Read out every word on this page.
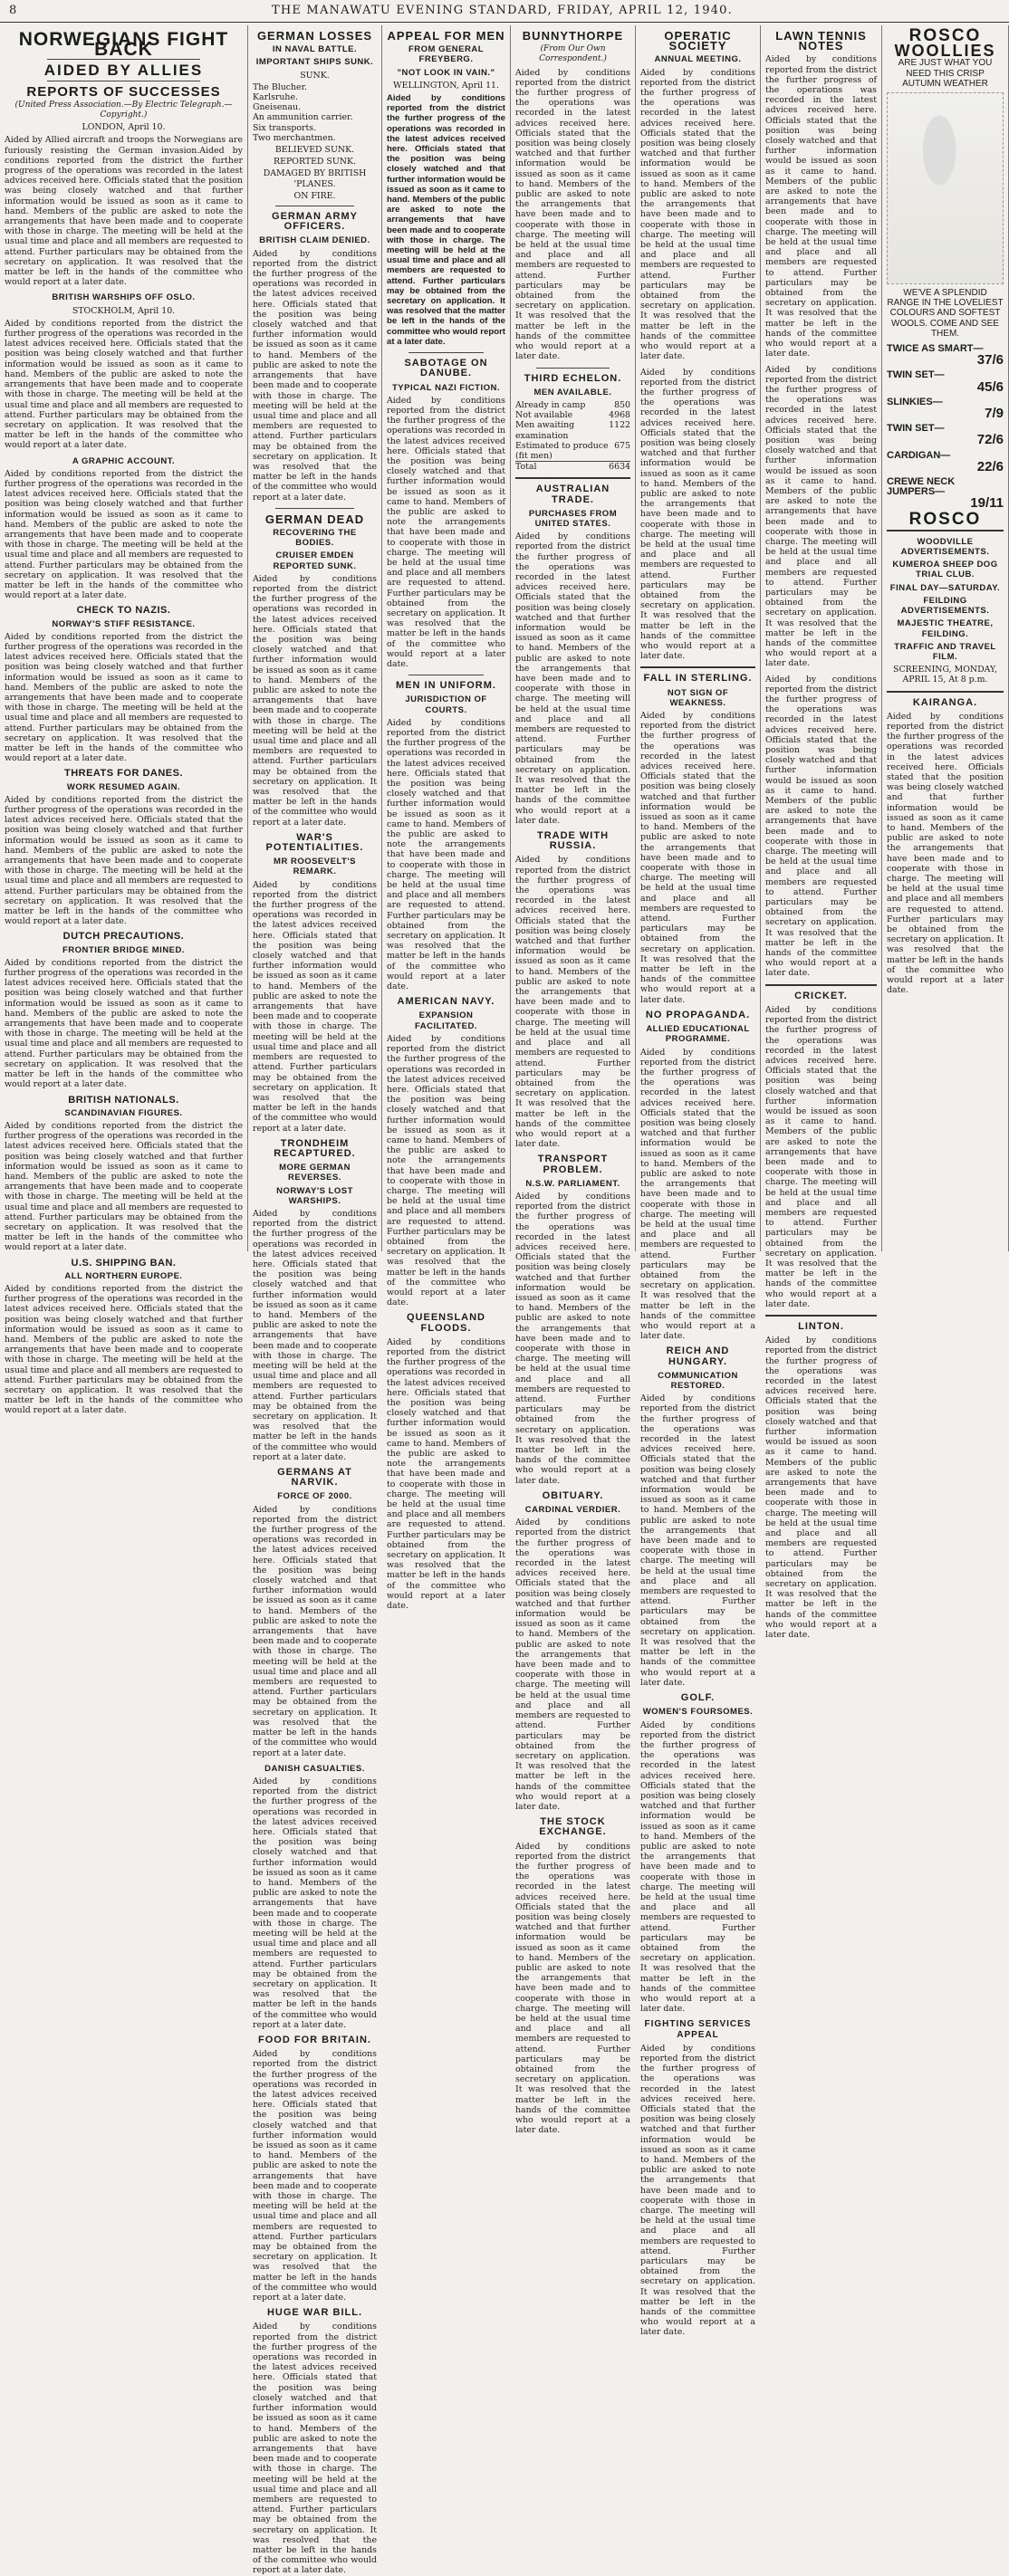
8	THE MANAWATU EVENING STANDARD, FRIDAY, APRIL 12, 1940.
NORWEGIANS FIGHT BACK
AIDED BY ALLIES
REPORTS OF SUCCESSES
(United Press Association.—By Electric Telegraph.—Copyright.)
LONDON, April 10.

Aided by Allied aircraft and troops the Norwegians are furiously resisting the German invasion. Aided by conditions reported from the district the further progress of the operations was recorded in the latest advices received here. Officials stated that the position was being closely watched and that further information would be issued as soon as it came to hand. Members of the public are asked to note the arrangements that have been made and to cooperate with those in charge. The meeting will be held at the usual time and place and all members are requested to attend. Further particulars may be obtained from the secretary on application. It was resolved that the matter be left in the hands of the committee who would report at a later date.

BRITISH WARSHIPS OFF OSLO.
STOCKHOLM, April 10.

Aided by conditions reported from the district the further progress of the operations was recorded in the latest advices received here. Officials stated that the position was being closely watched and that further information would be issued as soon as it came to hand. Members of the public are asked to note the arrangements that have been made and to cooperate with those in charge. The meeting will be held at the usual time and place and all members are requested to attend. Further particulars may be obtained from the secretary on application. It was resolved that the matter be left in the hands of the committee who would report at a later date.

A GRAPHIC ACCOUNT.

Aided by conditions reported from the district the further progress of the operations was recorded in the latest advices received here. Officials stated that the position was being closely watched and that further information would be issued as soon as it came to hand. Members of the public are asked to note the arrangements that have been made and to cooperate with those in charge. The meeting will be held at the usual time and place and all members are requested to attend. Further particulars may be obtained from the secretary on application. It was resolved that the matter be left in the hands of the committee who would report at a later date.

CHECK TO NAZIS.
NORWAY'S STIFF RESISTANCE.

Aided by conditions reported from the district the further progress of the operations was recorded in the latest advices received here. Officials stated that the position was being closely watched and that further information would be issued as soon as it came to hand. Members of the public are asked to note the arrangements that have been made and to cooperate with those in charge. The meeting will be held at the usual time and place and all members are requested to attend. Further particulars may be obtained from the secretary on application. It was resolved that the matter be left in the hands of the committee who would report at a later date.

THREATS FOR DANES.
WORK RESUMED AGAIN.

Aided by conditions reported from the district the further progress of the operations was recorded in the latest advices received here. Officials stated that the position was being closely watched and that further information would be issued as soon as it came to hand. Members of the public are asked to note the arrangements that have been made and to cooperate with those in charge. The meeting will be held at the usual time and place and all members are requested to attend. Further particulars may be obtained from the secretary on application. It was resolved that the matter be left in the hands of the committee who would report at a later date.

DUTCH PRECAUTIONS.
FRONTIER BRIDGE MINED.

Aided by conditions reported from the district the further progress of the operations was recorded in the latest advices received here. Officials stated that the position was being closely watched and that further information would be issued as soon as it came to hand. Members of the public are asked to note the arrangements that have been made and to cooperate with those in charge. The meeting will be held at the usual time and place and all members are requested to attend. Further particulars may be obtained from the secretary on application. It was resolved that the matter be left in the hands of the committee who would report at a later date.

BRITISH NATIONALS.
SCANDINAVIAN FIGURES.

Aided by conditions reported from the district the further progress of the operations was recorded in the latest advices received here. Officials stated that the position was being closely watched and that further information would be issued as soon as it came to hand. Members of the public are asked to note the arrangements that have been made and to cooperate with those in charge. The meeting will be held at the usual time and place and all members are requested to attend. Further particulars may be obtained from the secretary on application. It was resolved that the matter be left in the hands of the committee who would report at a later date.

U.S. SHIPPING BAN.
ALL NORTHERN EUROPE.

Aided by conditions reported from the district the further progress of the operations was recorded in the latest advices received here. Officials stated that the position was being closely watched and that further information would be issued as soon as it came to hand. Members of the public are asked to note the arrangements that have been made and to cooperate with those in charge. The meeting will be held at the usual time and place and all members are requested to attend. Further particulars may be obtained from the secretary on application. It was resolved that the matter be left in the hands of the committee who would report at a later date.

GERMAN LOSSES
IN NAVAL BATTLE.
IMPORTANT SHIPS SUNK.
SUNK.
The Blucher.
Karlsruhe.
Gneisenau.
An ammunition carrier.
Six transports.
Two merchantmen.
BELIEVED SUNK.
REPORTED SUNK.
DAMAGED BY BRITISH 'PLANES.
ON FIRE.
GERMAN ARMY OFFICERS.
BRITISH CLAIM DENIED.

Aided by conditions reported from the district the further progress of the operations was recorded in the latest advices received here. Officials stated that the position was being closely watched and that further information would be issued as soon as it came to hand. Members of the public are asked to note the arrangements that have been made and to cooperate with those in charge. The meeting will be held at the usual time and place and all members are requested to attend. Further particulars may be obtained from the secretary on application. It was resolved that the matter be left in the hands of the committee who would report at a later date.

GERMAN DEAD
RECOVERING THE BODIES.
CRUISER EMDEN REPORTED SUNK.

Aided by conditions reported from the district the further progress of the operations was recorded in the latest advices received here. Officials stated that the position was being closely watched and that further information would be issued as soon as it came to hand. Members of the public are asked to note the arrangements that have been made and to cooperate with those in charge. The meeting will be held at the usual time and place and all members are requested to attend. Further particulars may be obtained from the secretary on application. It was resolved that the matter be left in the hands of the committee who would report at a later date.

WAR'S POTENTIALITIES.
MR ROOSEVELT'S REMARK.

Aided by conditions reported from the district the further progress of the operations was recorded in the latest advices received here. Officials stated that the position was being closely watched and that further information would be issued as soon as it came to hand. Members of the public are asked to note the arrangements that have been made and to cooperate with those in charge. The meeting will be held at the usual time and place and all members are requested to attend. Further particulars may be obtained from the secretary on application. It was resolved that the matter be left in the hands of the committee who would report at a later date.

TRONDHEIM RECAPTURED.
MORE GERMAN REVERSES.
NORWAY'S LOST WARSHIPS.

Aided by conditions reported from the district the further progress of the operations was recorded in the latest advices received here. Officials stated that the position was being closely watched and that further information would be issued as soon as it came to hand. Members of the public are asked to note the arrangements that have been made and to cooperate with those in charge. The meeting will be held at the usual time and place and all members are requested to attend. Further particulars may be obtained from the secretary on application. It was resolved that the matter be left in the hands of the committee who would report at a later date.

GERMANS AT NARVIK.
FORCE OF 2000.

Aided by conditions reported from the district the further progress of the operations was recorded in the latest advices received here. Officials stated that the position was being closely watched and that further information would be issued as soon as it came to hand. Members of the public are asked to note the arrangements that have been made and to cooperate with those in charge. The meeting will be held at the usual time and place and all members are requested to attend. Further particulars may be obtained from the secretary on application. It was resolved that the matter be left in the hands of the committee who would report at a later date.

DANISH CASUALTIES.

Aided by conditions reported from the district the further progress of the operations was recorded in the latest advices received here. Officials stated that the position was being closely watched and that further information would be issued as soon as it came to hand. Members of the public are asked to note the arrangements that have been made and to cooperate with those in charge. The meeting will be held at the usual time and place and all members are requested to attend. Further particulars may be obtained from the secretary on application. It was resolved that the matter be left in the hands of the committee who would report at a later date.

FOOD FOR BRITAIN.

Aided by conditions reported from the district the further progress of the operations was recorded in the latest advices received here. Officials stated that the position was being closely watched and that further information would be issued as soon as it came to hand. Members of the public are asked to note the arrangements that have been made and to cooperate with those in charge. The meeting will be held at the usual time and place and all members are requested to attend. Further particulars may be obtained from the secretary on application. It was resolved that the matter be left in the hands of the committee who would report at a later date.

HUGE WAR BILL.

Aided by conditions reported from the district the further progress of the operations was recorded in the latest advices received here. Officials stated that the position was being closely watched and that further information would be issued as soon as it came to hand. Members of the public are asked to note the arrangements that have been made and to cooperate with those in charge. The meeting will be held at the usual time and place and all members are requested to attend. Further particulars may be obtained from the secretary on application. It was resolved that the matter be left in the hands of the committee who would report at a later date.

APPEAL FOR MEN
FROM GENERAL FREYBERG.
"NOT LOOK IN VAIN."
WELLINGTON, April 11.

Aided by conditions reported from the district the further progress of the operations was recorded in the latest advices received here. Officials stated that the position was being closely watched and that further information would be issued as soon as it came to hand. Members of the public are asked to note the arrangements that have been made and to cooperate with those in charge. The meeting will be held at the usual time and place and all members are requested to attend. Further particulars may be obtained from the secretary on application. It was resolved that the matter be left in the hands of the committee who would report at a later date.

SABOTAGE ON DANUBE.
TYPICAL NAZI FICTION.

Aided by conditions reported from the district the further progress of the operations was recorded in the latest advices received here. Officials stated that the position was being closely watched and that further information would be issued as soon as it came to hand. Members of the public are asked to note the arrangements that have been made and to cooperate with those in charge. The meeting will be held at the usual time and place and all members are requested to attend. Further particulars may be obtained from the secretary on application. It was resolved that the matter be left in the hands of the committee who would report at a later date.

MEN IN UNIFORM.
JURISDICTION OF COURTS.

Aided by conditions reported from the district the further progress of the operations was recorded in the latest advices received here. Officials stated that the position was being closely watched and that further information would be issued as soon as it came to hand. Members of the public are asked to note the arrangements that have been made and to cooperate with those in charge. The meeting will be held at the usual time and place and all members are requested to attend. Further particulars may be obtained from the secretary on application. It was resolved that the matter be left in the hands of the committee who would report at a later date.

AMERICAN NAVY.
EXPANSION FACILITATED.

Aided by conditions reported from the district the further progress of the operations was recorded in the latest advices received here. Officials stated that the position was being closely watched and that further information would be issued as soon as it came to hand. Members of the public are asked to note the arrangements that have been made and to cooperate with those in charge. The meeting will be held at the usual time and place and all members are requested to attend. Further particulars may be obtained from the secretary on application. It was resolved that the matter be left in the hands of the committee who would report at a later date.

QUEENSLAND FLOODS.

Aided by conditions reported from the district the further progress of the operations was recorded in the latest advices received here. Officials stated that the position was being closely watched and that further information would be issued as soon as it came to hand. Members of the public are asked to note the arrangements that have been made and to cooperate with those in charge. The meeting will be held at the usual time and place and all members are requested to attend. Further particulars may be obtained from the secretary on application. It was resolved that the matter be left in the hands of the committee who would report at a later date.

BUNNYTHORPE
(From Our Own Correspondent.)

Aided by conditions reported from the district the further progress of the operations was recorded in the latest advices received here. Officials stated that the position was being closely watched and that further information would be issued as soon as it came to hand. Members of the public are asked to note the arrangements that have been made and to cooperate with those in charge. The meeting will be held at the usual time and place and all members are requested to attend. Further particulars may be obtained from the secretary on application. It was resolved that the matter be left in the hands of the committee who would report at a later date.

THIRD ECHELON.
MEN AVAILABLE.
Already in camp	850
Not available	4968
Men awaiting examination
1122
Estimated to produce (fit men)
675
Total	6634
AUSTRALIAN TRADE.
PURCHASES FROM UNITED STATES.

Aided by conditions reported from the district the further progress of the operations was recorded in the latest advices received here. Officials stated that the position was being closely watched and that further information would be issued as soon as it came to hand. Members of the public are asked to note the arrangements that have been made and to cooperate with those in charge. The meeting will be held at the usual time and place and all members are requested to attend. Further particulars may be obtained from the secretary on application. It was resolved that the matter be left in the hands of the committee who would report at a later date.

TRADE WITH RUSSIA.

Aided by conditions reported from the district the further progress of the operations was recorded in the latest advices received here. Officials stated that the position was being closely watched and that further information would be issued as soon as it came to hand. Members of the public are asked to note the arrangements that have been made and to cooperate with those in charge. The meeting will be held at the usual time and place and all members are requested to attend. Further particulars may be obtained from the secretary on application. It was resolved that the matter be left in the hands of the committee who would report at a later date.

TRANSPORT PROBLEM.
N.S.W. PARLIAMENT.

Aided by conditions reported from the district the further progress of the operations was recorded in the latest advices received here. Officials stated that the position was being closely watched and that further information would be issued as soon as it came to hand. Members of the public are asked to note the arrangements that have been made and to cooperate with those in charge. The meeting will be held at the usual time and place and all members are requested to attend. Further particulars may be obtained from the secretary on application. It was resolved that the matter be left in the hands of the committee who would report at a later date.

OBITUARY.
CARDINAL VERDIER.

Aided by conditions reported from the district the further progress of the operations was recorded in the latest advices received here. Officials stated that the position was being closely watched and that further information would be issued as soon as it came to hand. Members of the public are asked to note the arrangements that have been made and to cooperate with those in charge. The meeting will be held at the usual time and place and all members are requested to attend. Further particulars may be obtained from the secretary on application. It was resolved that the matter be left in the hands of the committee who would report at a later date.

THE STOCK EXCHANGE.

Aided by conditions reported from the district the further progress of the operations was recorded in the latest advices received here. Officials stated that the position was being closely watched and that further information would be issued as soon as it came to hand. Members of the public are asked to note the arrangements that have been made and to cooperate with those in charge. The meeting will be held at the usual time and place and all members are requested to attend. Further particulars may be obtained from the secretary on application. It was resolved that the matter be left in the hands of the committee who would report at a later date.

OPERATIC SOCIETY
ANNUAL MEETING.

Aided by conditions reported from the district the further progress of the operations was recorded in the latest advices received here. Officials stated that the position was being closely watched and that further information would be issued as soon as it came to hand. Members of the public are asked to note the arrangements that have been made and to cooperate with those in charge. The meeting will be held at the usual time and place and all members are requested to attend. Further particulars may be obtained from the secretary on application. It was resolved that the matter be left in the hands of the committee who would report at a later date.

Aided by conditions reported from the district the further progress of the operations was recorded in the latest advices received here. Officials stated that the position was being closely watched and that further information would be issued as soon as it came to hand. Members of the public are asked to note the arrangements that have been made and to cooperate with those in charge. The meeting will be held at the usual time and place and all members are requested to attend. Further particulars may be obtained from the secretary on application. It was resolved that the matter be left in the hands of the committee who would report at a later date.

FALL IN STERLING.
NOT SIGN OF WEAKNESS.

Aided by conditions reported from the district the further progress of the operations was recorded in the latest advices received here. Officials stated that the position was being closely watched and that further information would be issued as soon as it came to hand. Members of the public are asked to note the arrangements that have been made and to cooperate with those in charge. The meeting will be held at the usual time and place and all members are requested to attend. Further particulars may be obtained from the secretary on application. It was resolved that the matter be left in the hands of the committee who would report at a later date.

NO PROPAGANDA.
ALLIED EDUCATIONAL PROGRAMME.

Aided by conditions reported from the district the further progress of the operations was recorded in the latest advices received here. Officials stated that the position was being closely watched and that further information would be issued as soon as it came to hand. Members of the public are asked to note the arrangements that have been made and to cooperate with those in charge. The meeting will be held at the usual time and place and all members are requested to attend. Further particulars may be obtained from the secretary on application. It was resolved that the matter be left in the hands of the committee who would report at a later date.

REICH AND HUNGARY.
COMMUNICATION RESTORED.

Aided by conditions reported from the district the further progress of the operations was recorded in the latest advices received here. Officials stated that the position was being closely watched and that further information would be issued as soon as it came to hand. Members of the public are asked to note the arrangements that have been made and to cooperate with those in charge. The meeting will be held at the usual time and place and all members are requested to attend. Further particulars may be obtained from the secretary on application. It was resolved that the matter be left in the hands of the committee who would report at a later date.

GOLF.
WOMEN'S FOURSOMES.

Aided by conditions reported from the district the further progress of the operations was recorded in the latest advices received here. Officials stated that the position was being closely watched and that further information would be issued as soon as it came to hand. Members of the public are asked to note the arrangements that have been made and to cooperate with those in charge. The meeting will be held at the usual time and place and all members are requested to attend. Further particulars may be obtained from the secretary on application. It was resolved that the matter be left in the hands of the committee who would report at a later date.

FIGHTING SERVICES APPEAL

Aided by conditions reported from the district the further progress of the operations was recorded in the latest advices received here. Officials stated that the position was being closely watched and that further information would be issued as soon as it came to hand. Members of the public are asked to note the arrangements that have been made and to cooperate with those in charge. The meeting will be held at the usual time and place and all members are requested to attend. Further particulars may be obtained from the secretary on application. It was resolved that the matter be left in the hands of the committee who would report at a later date.

LAWN TENNIS NOTES

Aided by conditions reported from the district the further progress of the operations was recorded in the latest advices received here. Officials stated that the position was being closely watched and that further information would be issued as soon as it came to hand. Members of the public are asked to note the arrangements that have been made and to cooperate with those in charge. The meeting will be held at the usual time and place and all members are requested to attend. Further particulars may be obtained from the secretary on application. It was resolved that the matter be left in the hands of the committee who would report at a later date.

Aided by conditions reported from the district the further progress of the operations was recorded in the latest advices received here. Officials stated that the position was being closely watched and that further information would be issued as soon as it came to hand. Members of the public are asked to note the arrangements that have been made and to cooperate with those in charge. The meeting will be held at the usual time and place and all members are requested to attend. Further particulars may be obtained from the secretary on application. It was resolved that the matter be left in the hands of the committee who would report at a later date.

Aided by conditions reported from the district the further progress of the operations was recorded in the latest advices received here. Officials stated that the position was being closely watched and that further information would be issued as soon as it came to hand. Members of the public are asked to note the arrangements that have been made and to cooperate with those in charge. The meeting will be held at the usual time and place and all members are requested to attend. Further particulars may be obtained from the secretary on application. It was resolved that the matter be left in the hands of the committee who would report at a later date.

CRICKET.

Aided by conditions reported from the district the further progress of the operations was recorded in the latest advices received here. Officials stated that the position was being closely watched and that further information would be issued as soon as it came to hand. Members of the public are asked to note the arrangements that have been made and to cooperate with those in charge. The meeting will be held at the usual time and place and all members are requested to attend. Further particulars may be obtained from the secretary on application. It was resolved that the matter be left in the hands of the committee who would report at a later date.

LINTON.

Aided by conditions reported from the district the further progress of the operations was recorded in the latest advices received here. Officials stated that the position was being closely watched and that further information would be issued as soon as it came to hand. Members of the public are asked to note the arrangements that have been made and to cooperate with those in charge. The meeting will be held at the usual time and place and all members are requested to attend. Further particulars may be obtained from the secretary on application. It was resolved that the matter be left in the hands of the committee who would report at a later date.

ROSCO
WOOLLIES
ARE JUST WHAT YOU NEED THIS CRISP AUTUMN WEATHER
WE'VE A SPLENDID RANGE IN THE LOVELIEST COLOURS AND SOFTEST WOOLS. COME AND SEE THEM.
TWICE AS SMART—
37/6
TWIN SET—
45/6
SLINKIES—
7/9
TWIN SET—
72/6
CARDIGAN—
22/6
CREWE NECK JUMPERS—
19/11
ROSCO
WOODVILLE ADVERTISEMENTS.
KUMEROA SHEEP DOG TRIAL CLUB.
FINAL DAY—SATURDAY.
FEILDING ADVERTISEMENTS.
MAJESTIC THEATRE, FEILDING.
TRAFFIC AND TRAVEL FILM.
SCREENING, MONDAY, APRIL 15, At 8 p.m.
KAIRANGA.

Aided by conditions reported from the district the further progress of the operations was recorded in the latest advices received here. Officials stated that the position was being closely watched and that further information would be issued as soon as it came to hand. Members of the public are asked to note the arrangements that have been made and to cooperate with those in charge. The meeting will be held at the usual time and place and all members are requested to attend. Further particulars may be obtained from the secretary on application. It was resolved that the matter be left in the hands of the committee who would report at a later date.
